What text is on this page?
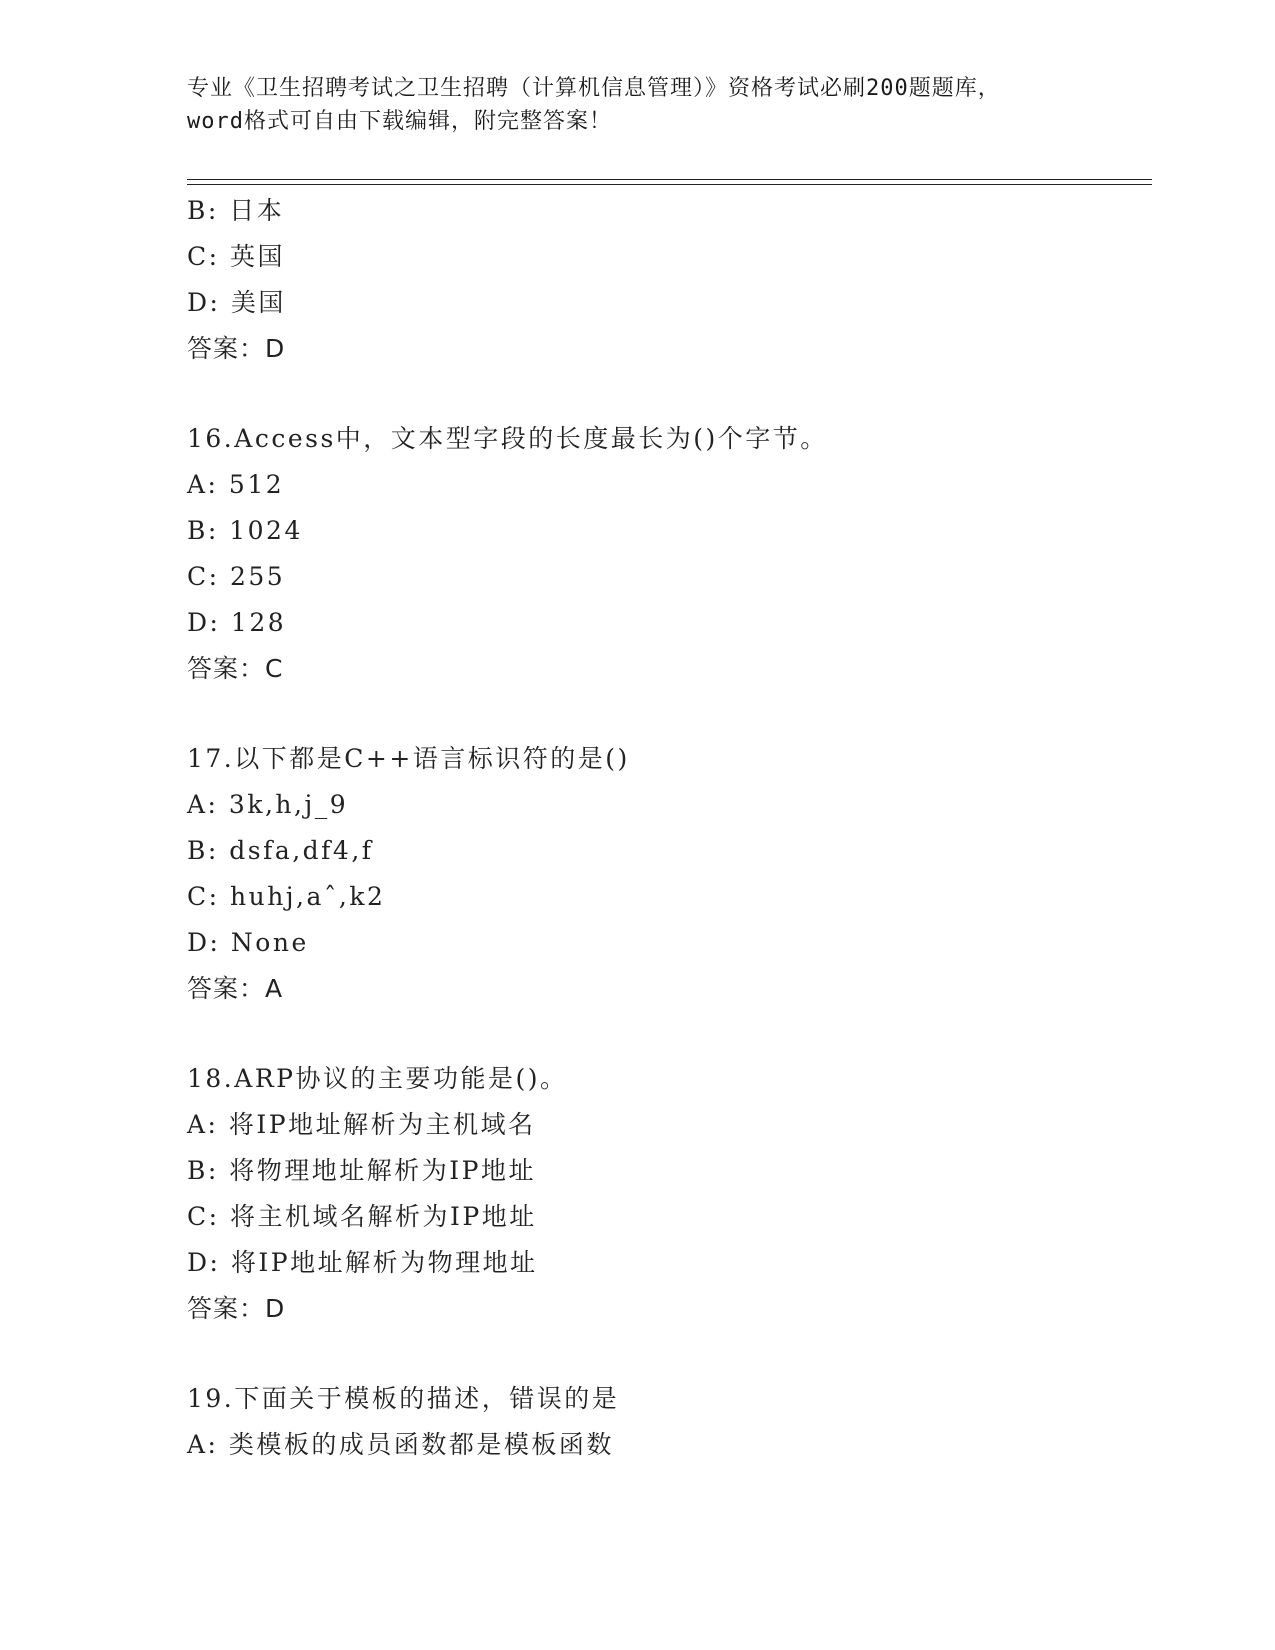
专业《卫生招聘考试之卫生招聘（计算机信息管理）》资格考试必刷200题题库，
word格式可自由下载编辑，附完整答案！
B: 日本
C: 英国
D: 美国
答案：D
16.Access中，文本型字段的长度最长为()个字节。
A: 512
B: 1024
C: 255
D: 128
答案：C
17.以下都是C++语言标识符的是()
A: 3k,h,j_9
B: dsfa,df4,f
C: huhj,aˆ,k2
D: None
答案：A
18.ARP协议的主要功能是()。
A: 将IP地址解析为主机域名
B: 将物理地址解析为IP地址
C: 将主机域名解析为IP地址
D: 将IP地址解析为物理地址
答案：D
19.下面关于模板的描述，错误的是
A: 类模板的成员函数都是模板函数
